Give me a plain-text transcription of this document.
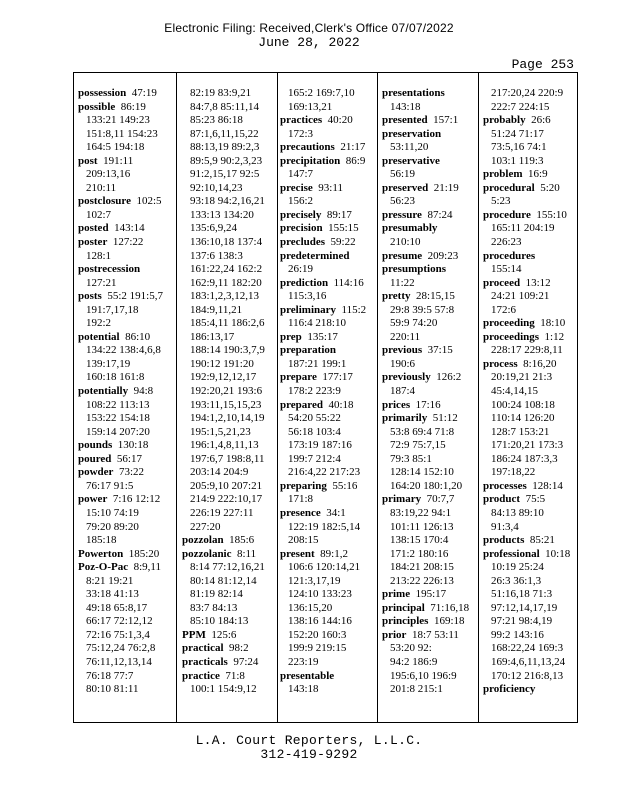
Electronic Filing: Received,Clerk's Office 07/07/2022
June 28, 2022
Page 253
possession 47:19
possible 86:19
133:21 149:23
151:8,11 154:23
164:5 194:18
post 191:11
209:13,16
210:11
postclosure 102:5
102:7
posted 143:14
poster 127:22
128:1
postrecession
127:21
posts 55:2 191:5,7
191:7,17,18
192:2
potential 86:10
134:22 138:4,6,8
139:17,19
160:18 161:8
potentially 94:8
108:22 113:13
153:22 154:18
159:14 207:20
pounds 130:18
poured 56:17
powder 73:22
76:17 91:5
power 7:16 12:12
15:10 74:19
79:20 89:20
185:18
Powerton 185:20
Poz-O-Pac 8:9,11
8:21 19:21
33:18 41:13
49:18 65:8,17
66:17 72:12,12
72:16 75:1,3,4
75:12,24 76:2,8
76:11,12,13,14
76:18 77:7
80:10 81:11
82:19 83:9,21
84:7,8 85:11,14
85:23 86:18
87:1,6,11,15,22
88:13,19 89:2,3
89:5,9 90:2,3,23
91:2,15,17 92:5
92:10,14,23
93:18 94:2,16,21
133:13 134:20
135:6,9,24
136:10,18 137:4
137:6 138:3
161:22,24 162:2
162:9,11 182:20
183:1,2,3,12,13
184:9,11,21
185:4,11 186:2,6
186:13,17
188:14 190:3,7,9
190:12 191:20
192:9,12,12,17
192:20,21 193:6
193:11,15,15,23
194:1,2,10,14,19
195:1,5,21,23
196:1,4,8,11,13
197:6,7 198:8,11
203:14 204:9
205:9,10 207:21
214:9 222:10,17
226:19 227:11
227:20
pozzolan 185:6
pozzolanic 8:11
8:14 77:12,16,21
80:14 81:12,14
81:19 82:14
83:7 84:13
85:10 184:13
PPM 125:6
practical 98:2
practicals 97:24
practice 71:8
100:1 154:9,12
165:2 169:7,10
169:13,21
practices 40:20
172:3
precautions 21:17
precipitation 86:9
147:7
precise 93:11
156:2
precisely 89:17
precision 155:15
precludes 59:22
predetermined
26:19
prediction 114:16
115:3,16
preliminary 115:2
116:4 218:10
prep 135:17
preparation
187:21 199:1
prepare 177:17
178:2 223:9
prepared 40:18
54:20 55:22
56:18 103:4
173:19 187:16
199:7 212:4
216:4,22 217:23
preparing 55:16
171:8
presence 34:1
122:19 182:5,14
208:15
present 89:1,2
106:6 120:14,21
121:3,17,19
124:10 133:23
136:15,20
138:16 144:16
152:20 160:3
199:9 219:15
223:19
presentable
143:18
presentations
143:18
presented 157:1
preservation
53:11,20
preservative
56:19
preserved 21:19
56:23
pressure 87:24
presumably
210:10
presume 209:23
presumptions
11:22
pretty 28:15,15
29:8 39:5 57:8
59:9 74:20
220:11
previous 37:15
190:6
previously 126:2
187:4
prices 17:16
primarily 51:12
53:8 69:4 71:8
72:9 75:7,15
79:3 85:1
128:14 152:10
164:20 180:1,20
primary 70:7,7
83:19,22 94:1
101:11 126:13
138:15 170:4
171:2 180:16
184:21 208:15
213:22 226:13
prime 195:17
principal 71:16,18
principles 169:18
prior 18:7 53:11
53:20 92:
94:2 186:9
195:6,10 196:9
201:8 215:1
217:20,24 220:9
222:7 224:15
probably 26:6
51:24 71:17
73:5,16 74:1
103:1 119:3
problem 16:9
procedural 5:20
5:23
procedure 155:10
165:11 204:19
226:23
procedures
155:14
proceed 13:12
24:21 109:21
172:6
proceeding 18:10
proceedings 1:12
228:17 229:8,11
process 8:16,20
20:19,21 21:3
45:4,14,15
100:24 108:18
110:14 126:20
128:7 153:21
171:20,21 173:3
186:24 187:3,3
197:18,22
processes 128:14
product 75:5
84:13 89:10
91:3,4
products 85:21
professional 10:18
10:19 25:24
26:3 36:1,3
51:16,18 71:3
97:12,14,17,19
97:21 98:4,19
99:2 143:16
168:22,24 169:3
169:4,6,11,13,24
170:12 216:8,13
proficiency
L.A. Court Reporters, L.L.C.
312-419-9292
